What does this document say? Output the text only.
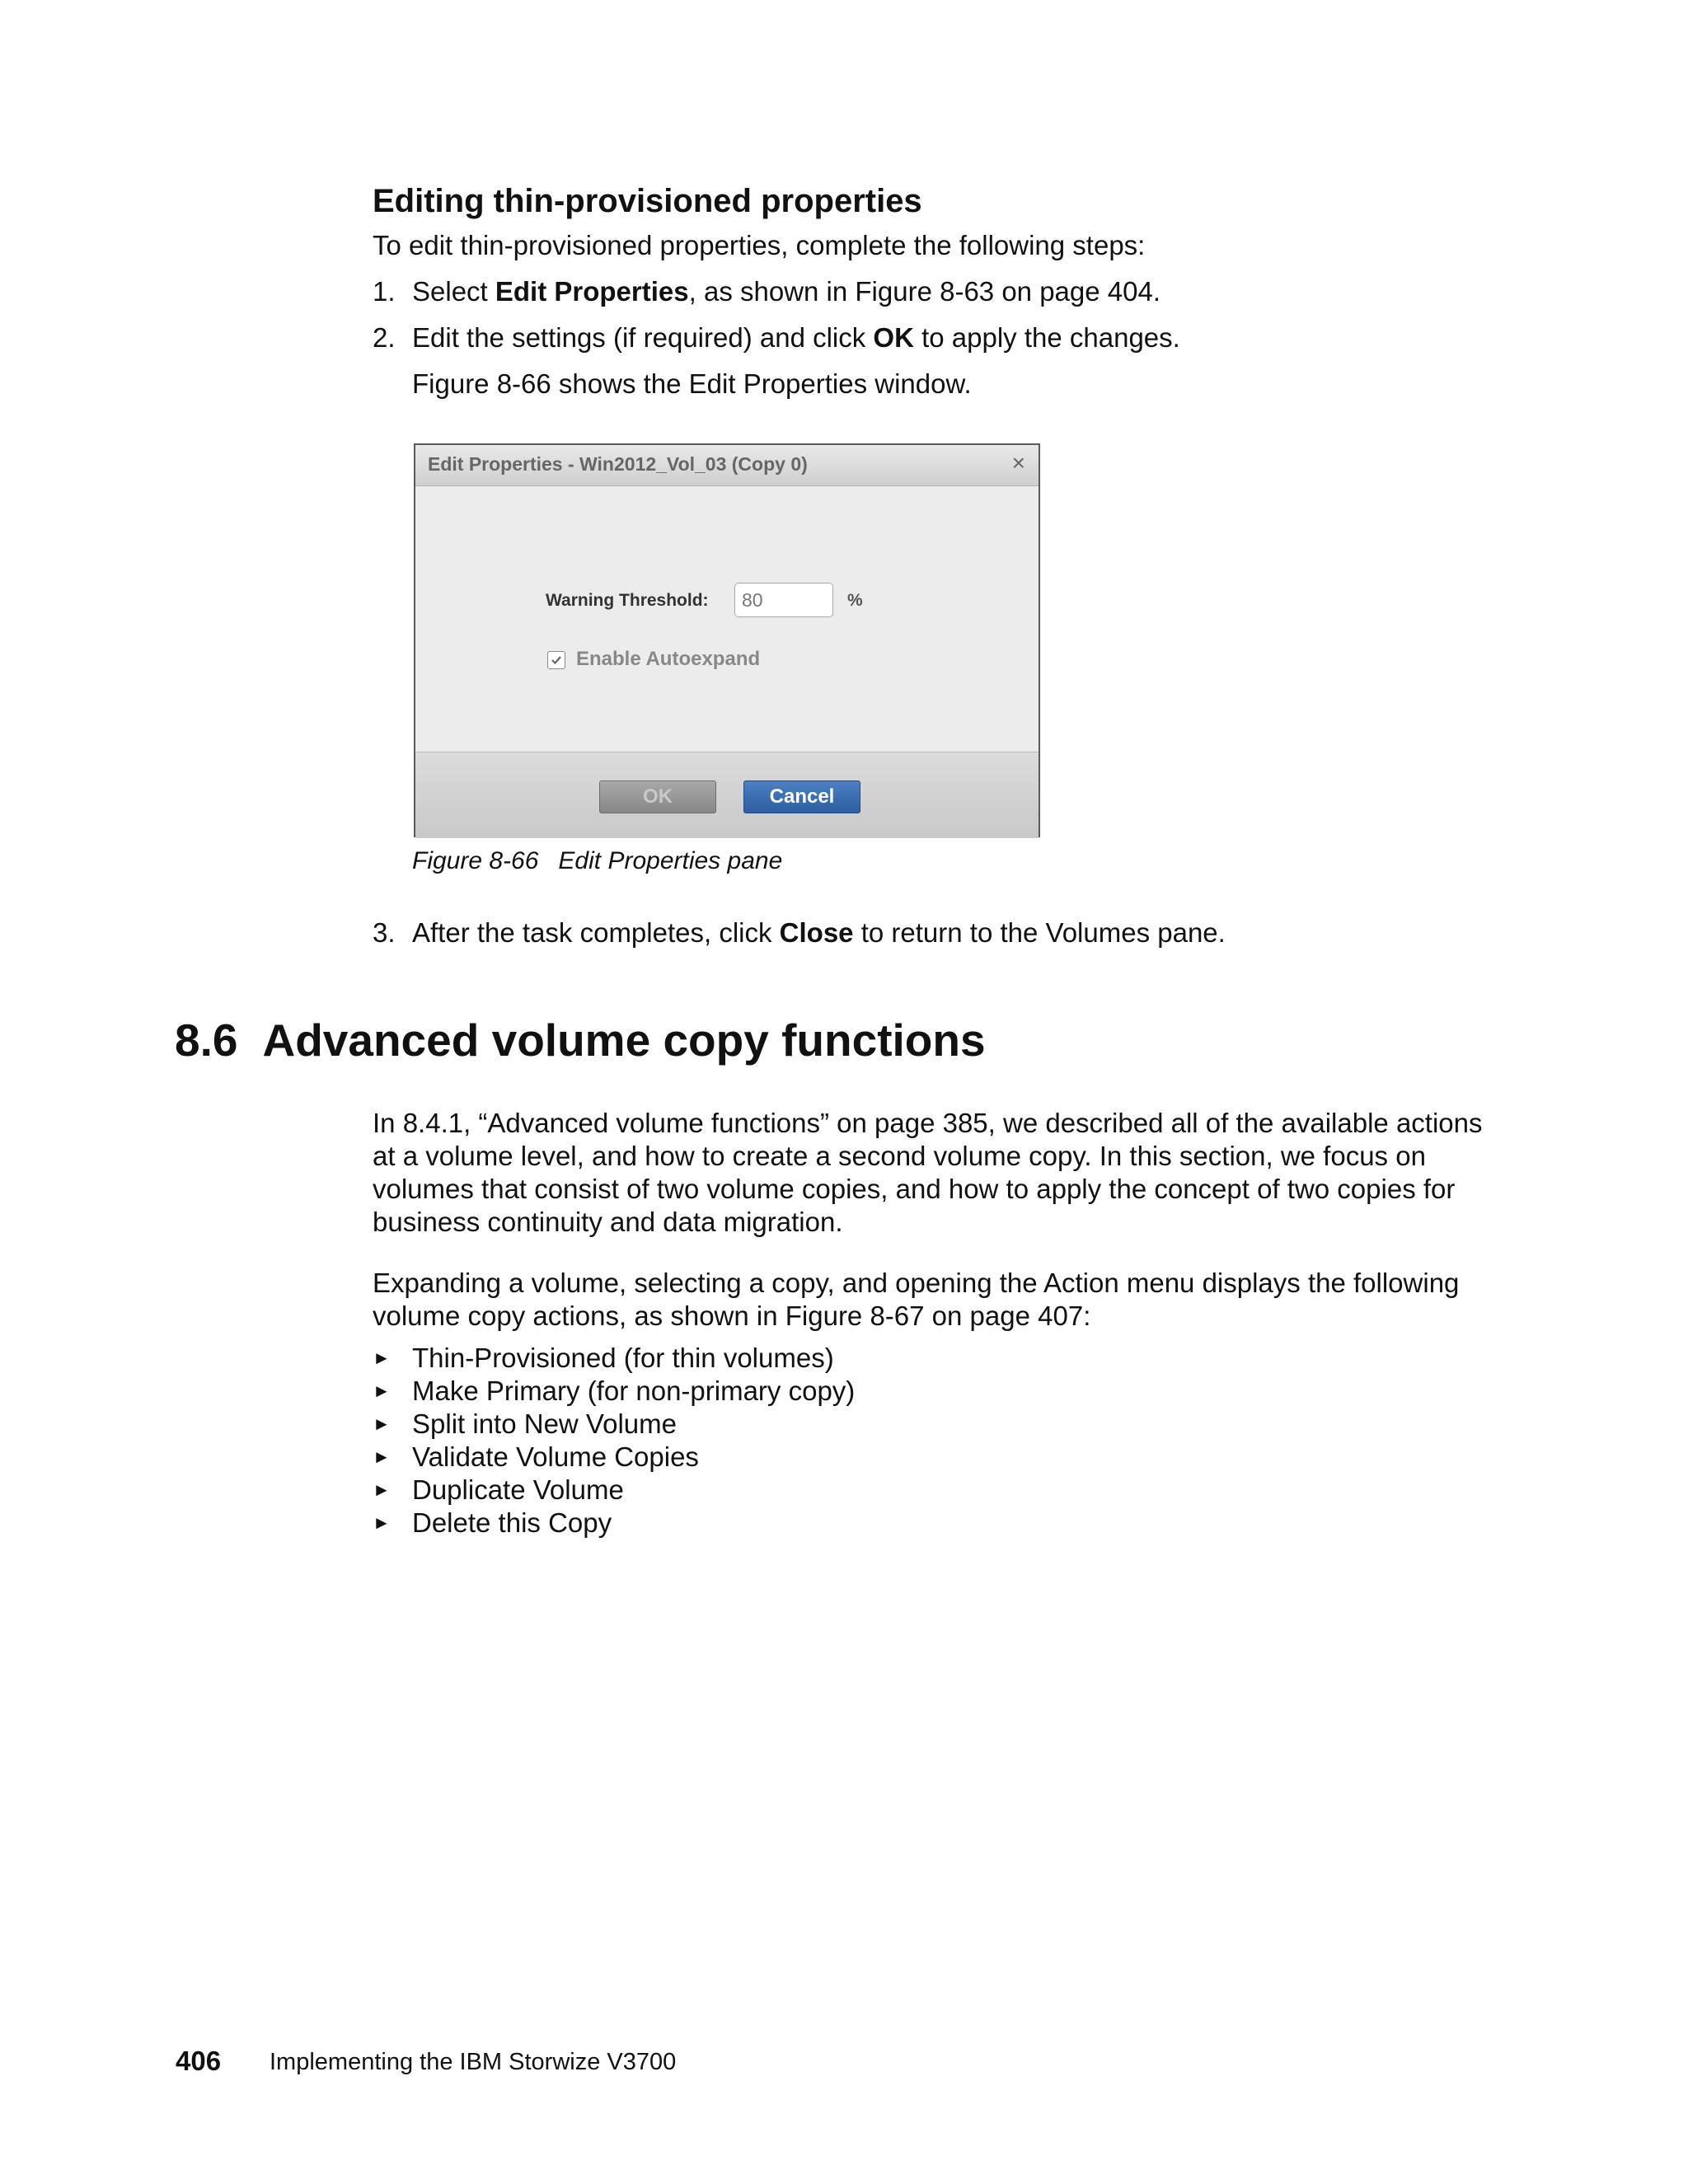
Editing thin-provisioned properties
To edit thin-provisioned properties, complete the following steps:
1. Select Edit Properties, as shown in Figure 8-63 on page 404.
2. Edit the settings (if required) and click OK to apply the changes.
Figure 8-66 shows the Edit Properties window.
Edit Properties - Win2012_Vol_03 (Copy 0)	×
Warning Threshold:
80	%
Enable Autoexpand
OK	Cancel
Figure 8-66 Edit Properties pane
3. After the task completes, click Close to return to the Volumes pane.
8.6 Advanced volume copy functions
In 8.4.1, “Advanced volume functions” on page 385, we described all of the available actions at a volume level, and how to create a second volume copy. In this section, we focus on volumes that consist of two volume copies, and how to apply the concept of two copies for business continuity and data migration.
Expanding a volume, selecting a copy, and opening the Action menu displays the following volume copy actions, as shown in Figure 8-67 on page 407:
► Thin-Provisioned (for thin volumes)
► Make Primary (for non-primary copy)
► Split into New Volume
► Validate Volume Copies
► Duplicate Volume
► Delete this Copy
406 Implementing the IBM Storwize V3700
